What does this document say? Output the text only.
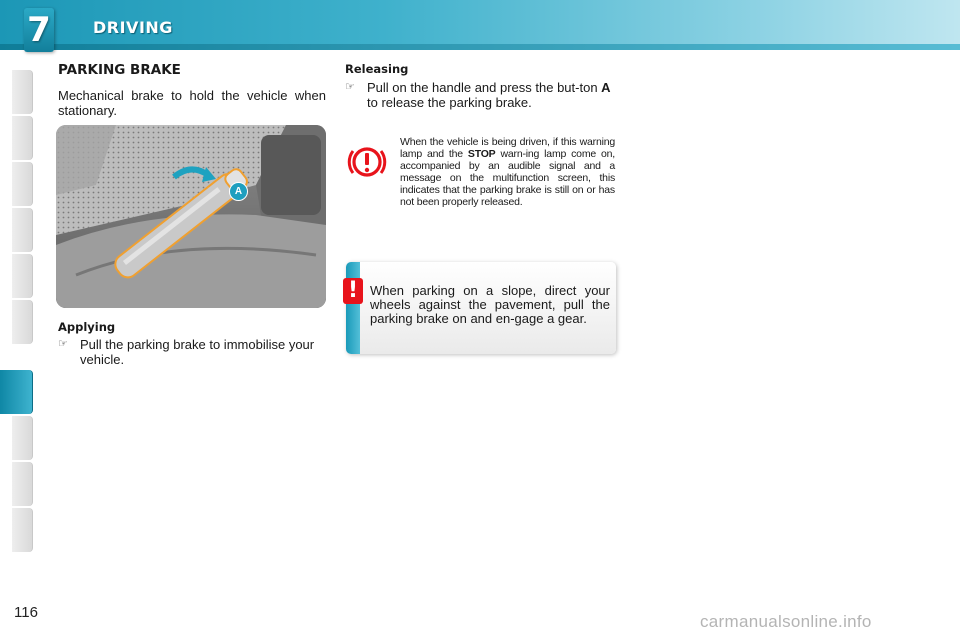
7	DRIVING
PARKING BRAKE
Mechanical brake to hold the vehicle when stationary.
A
Applying
☞ Pull the parking brake to immobilise your vehicle.
Releasing
☞ Pull on the handle and press the but-ton A to release the parking brake.

When the vehicle is being driven, if this warning lamp and the STOP warn-ing lamp come on, accompanied by an audible signal and a message on the multifunction screen, this indicates that the parking brake is still on or has not been properly released.

! When parking on a slope, direct your wheels against the pavement, pull the parking brake on and en-gage a gear.
116	carmanualsonline.info
